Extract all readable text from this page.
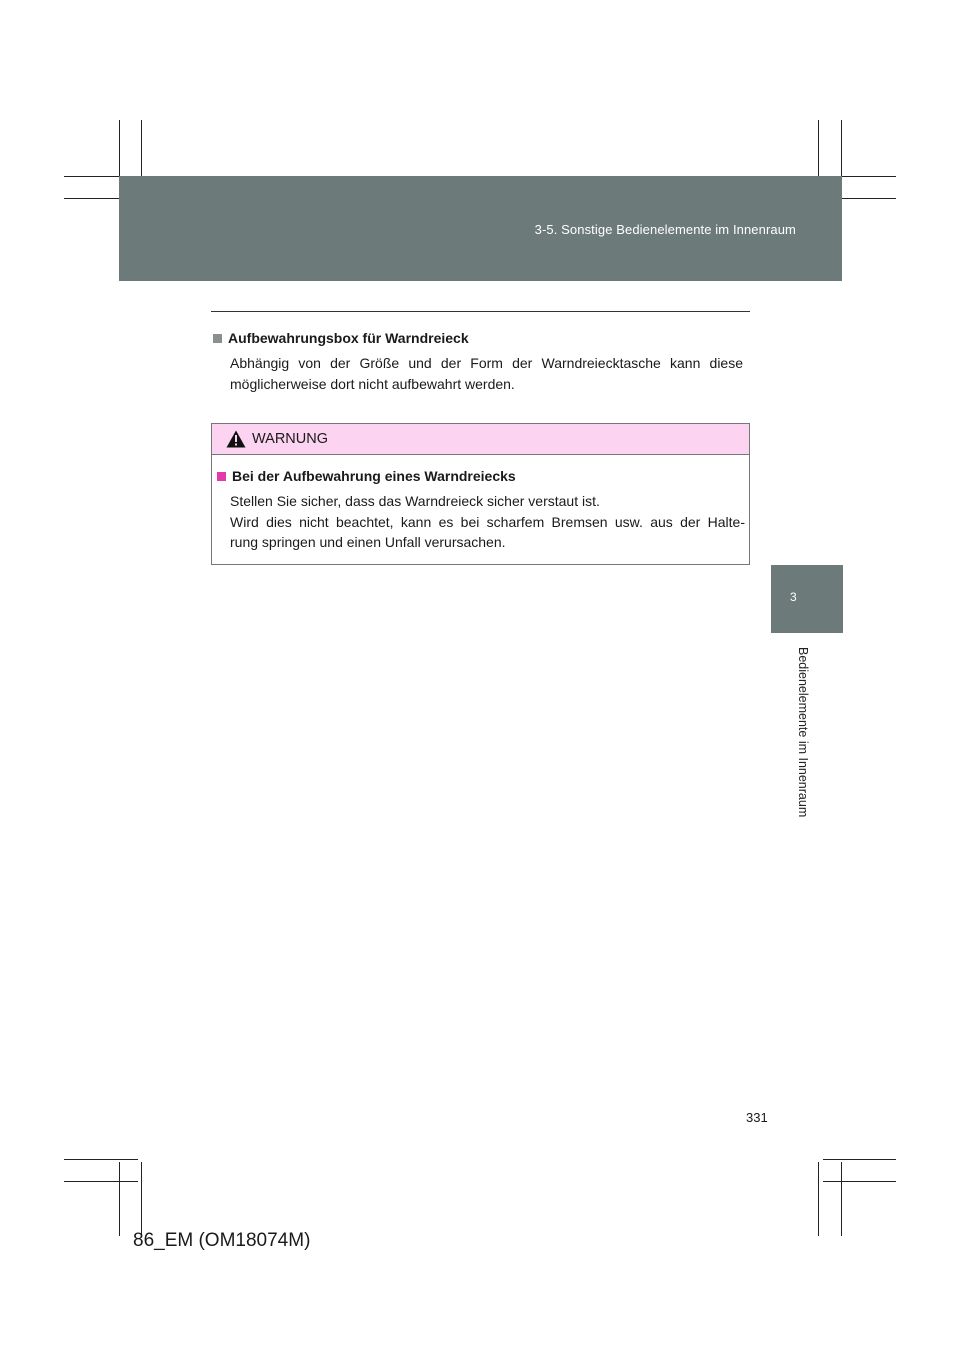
3-5. Sonstige Bedienelemente im Innenraum
3
Bedienelemente im Innenraum
Aufbewahrungsbox für Warndreieck
Abhängig von der Größe und der Form der Warndreiecktasche kann diese möglicherweise dort nicht aufbewahrt werden.
WARNUNG
Bei der Aufbewahrung eines Warndreiecks
Stellen Sie sicher, dass das Warndreieck sicher verstaut ist.
Wird dies nicht beachtet, kann es bei scharfem Bremsen usw. aus der Halte-
rung springen und einen Unfall verursachen.
331
86_EM (OM18074M)
